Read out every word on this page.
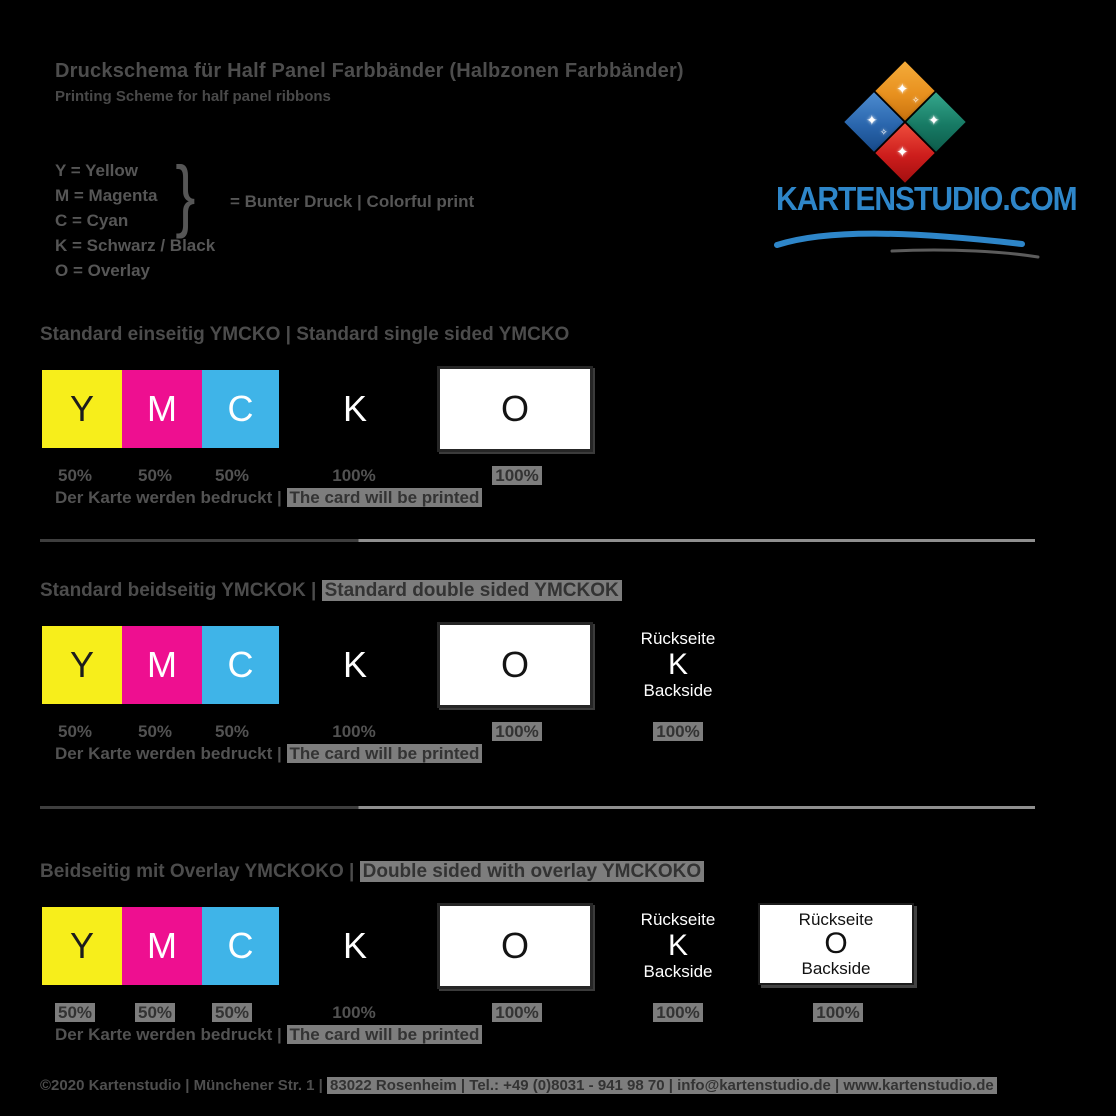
Druckschema für Half Panel Farbbänder (Halbzonen Farbbänder)
Printing Scheme for half panel ribbons
Y = Yellow
M = Magenta
C = Cyan
K = Schwarz / Black
O = Overlay
} = Bunter Druck | Colorful print
✦
✦	✦
✦
✧
✧
KARTENSTUDIO.COM
Standard einseitig YMCKO | Standard single sided YMCKO
Y M C K	O
50%	50%	50%	100%	100%
Der Karte werden bedruckt | The card will be printed
Standard beidseitig YMCKOK | Standard double sided YMCKOK
Y M C K	O
Rückseite
K
Backside
50%	50%	50%	100%	100%	100%
Der Karte werden bedruckt | The card will be printed
Beidseitig mit Overlay YMCKOKO | Double sided with overlay YMCKOKO
Y M C K	O
Rückseite
K
Backside
Rückseite
O
Backside
50%	50%	50%	100%	100%	100%	100%
Der Karte werden bedruckt | The card will be printed
©2020 Kartenstudio | Münchener Str. 1 | 83022 Rosenheim | Tel.: +49 (0)8031 - 941 98 70 | info@kartenstudio.de | www.kartenstudio.de
